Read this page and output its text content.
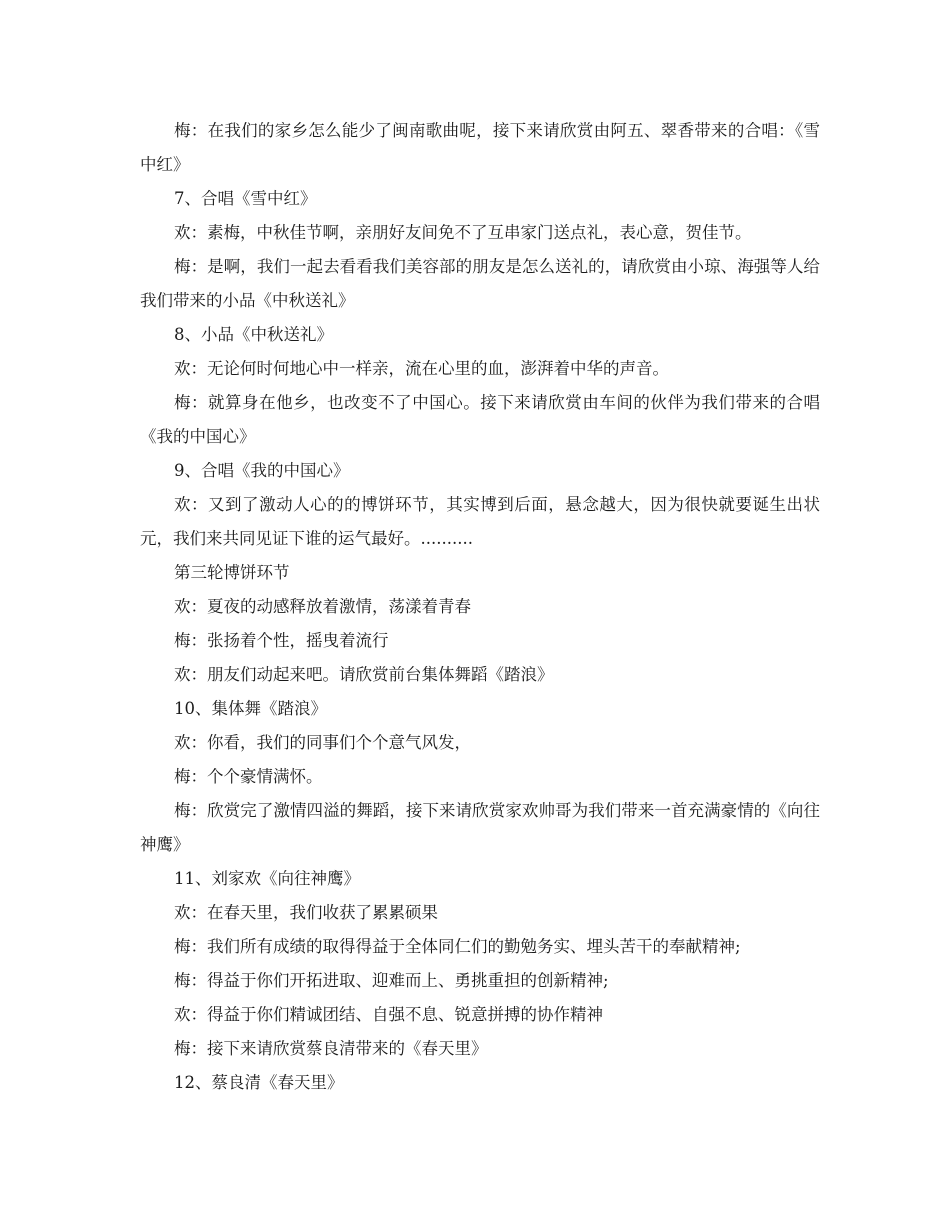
梅：在我们的家乡怎么能少了闽南歌曲呢，接下来请欣赏由阿五、翠香带来的合唱：《雪中红》

7、合唱《雪中红》

欢：素梅，中秋佳节啊，亲朋好友间免不了互串家门送点礼，表心意，贺佳节。

梅：是啊，我们一起去看看我们美容部的朋友是怎么送礼的，请欣赏由小琼、海强等人给我们带来的小品《中秋送礼》

8、小品《中秋送礼》

欢：无论何时何地心中一样亲，流在心里的血，澎湃着中华的声音。

梅：就算身在他乡，也改变不了中国心。接下来请欣赏由车间的伙伴为我们带来的合唱《我的中国心》

9、合唱《我的中国心》

欢：又到了激动人心的的博饼环节，其实博到后面，悬念越大，因为很快就要诞生出状元，我们来共同见证下谁的运气最好。..........

第三轮博饼环节

欢：夏夜的动感释放着激情，荡漾着青春

梅：张扬着个性，摇曳着流行

欢：朋友们动起来吧。请欣赏前台集体舞蹈《踏浪》

10、集体舞《踏浪》

欢：你看，我们的同事们个个意气风发，

梅：个个豪情满怀。

梅：欣赏完了激情四溢的舞蹈，接下来请欣赏家欢帅哥为我们带来一首充满豪情的《向往神鹰》

11、刘家欢《向往神鹰》

欢：在春天里，我们收获了累累硕果

梅：我们所有成绩的取得得益于全体同仁们的勤勉务实、埋头苦干的奉献精神;

梅：得益于你们开拓进取、迎难而上、勇挑重担的创新精神;

欢：得益于你们精诚团结、自强不息、锐意拼搏的协作精神

梅：接下来请欣赏蔡良清带来的《春天里》

12、蔡良清《春天里》
